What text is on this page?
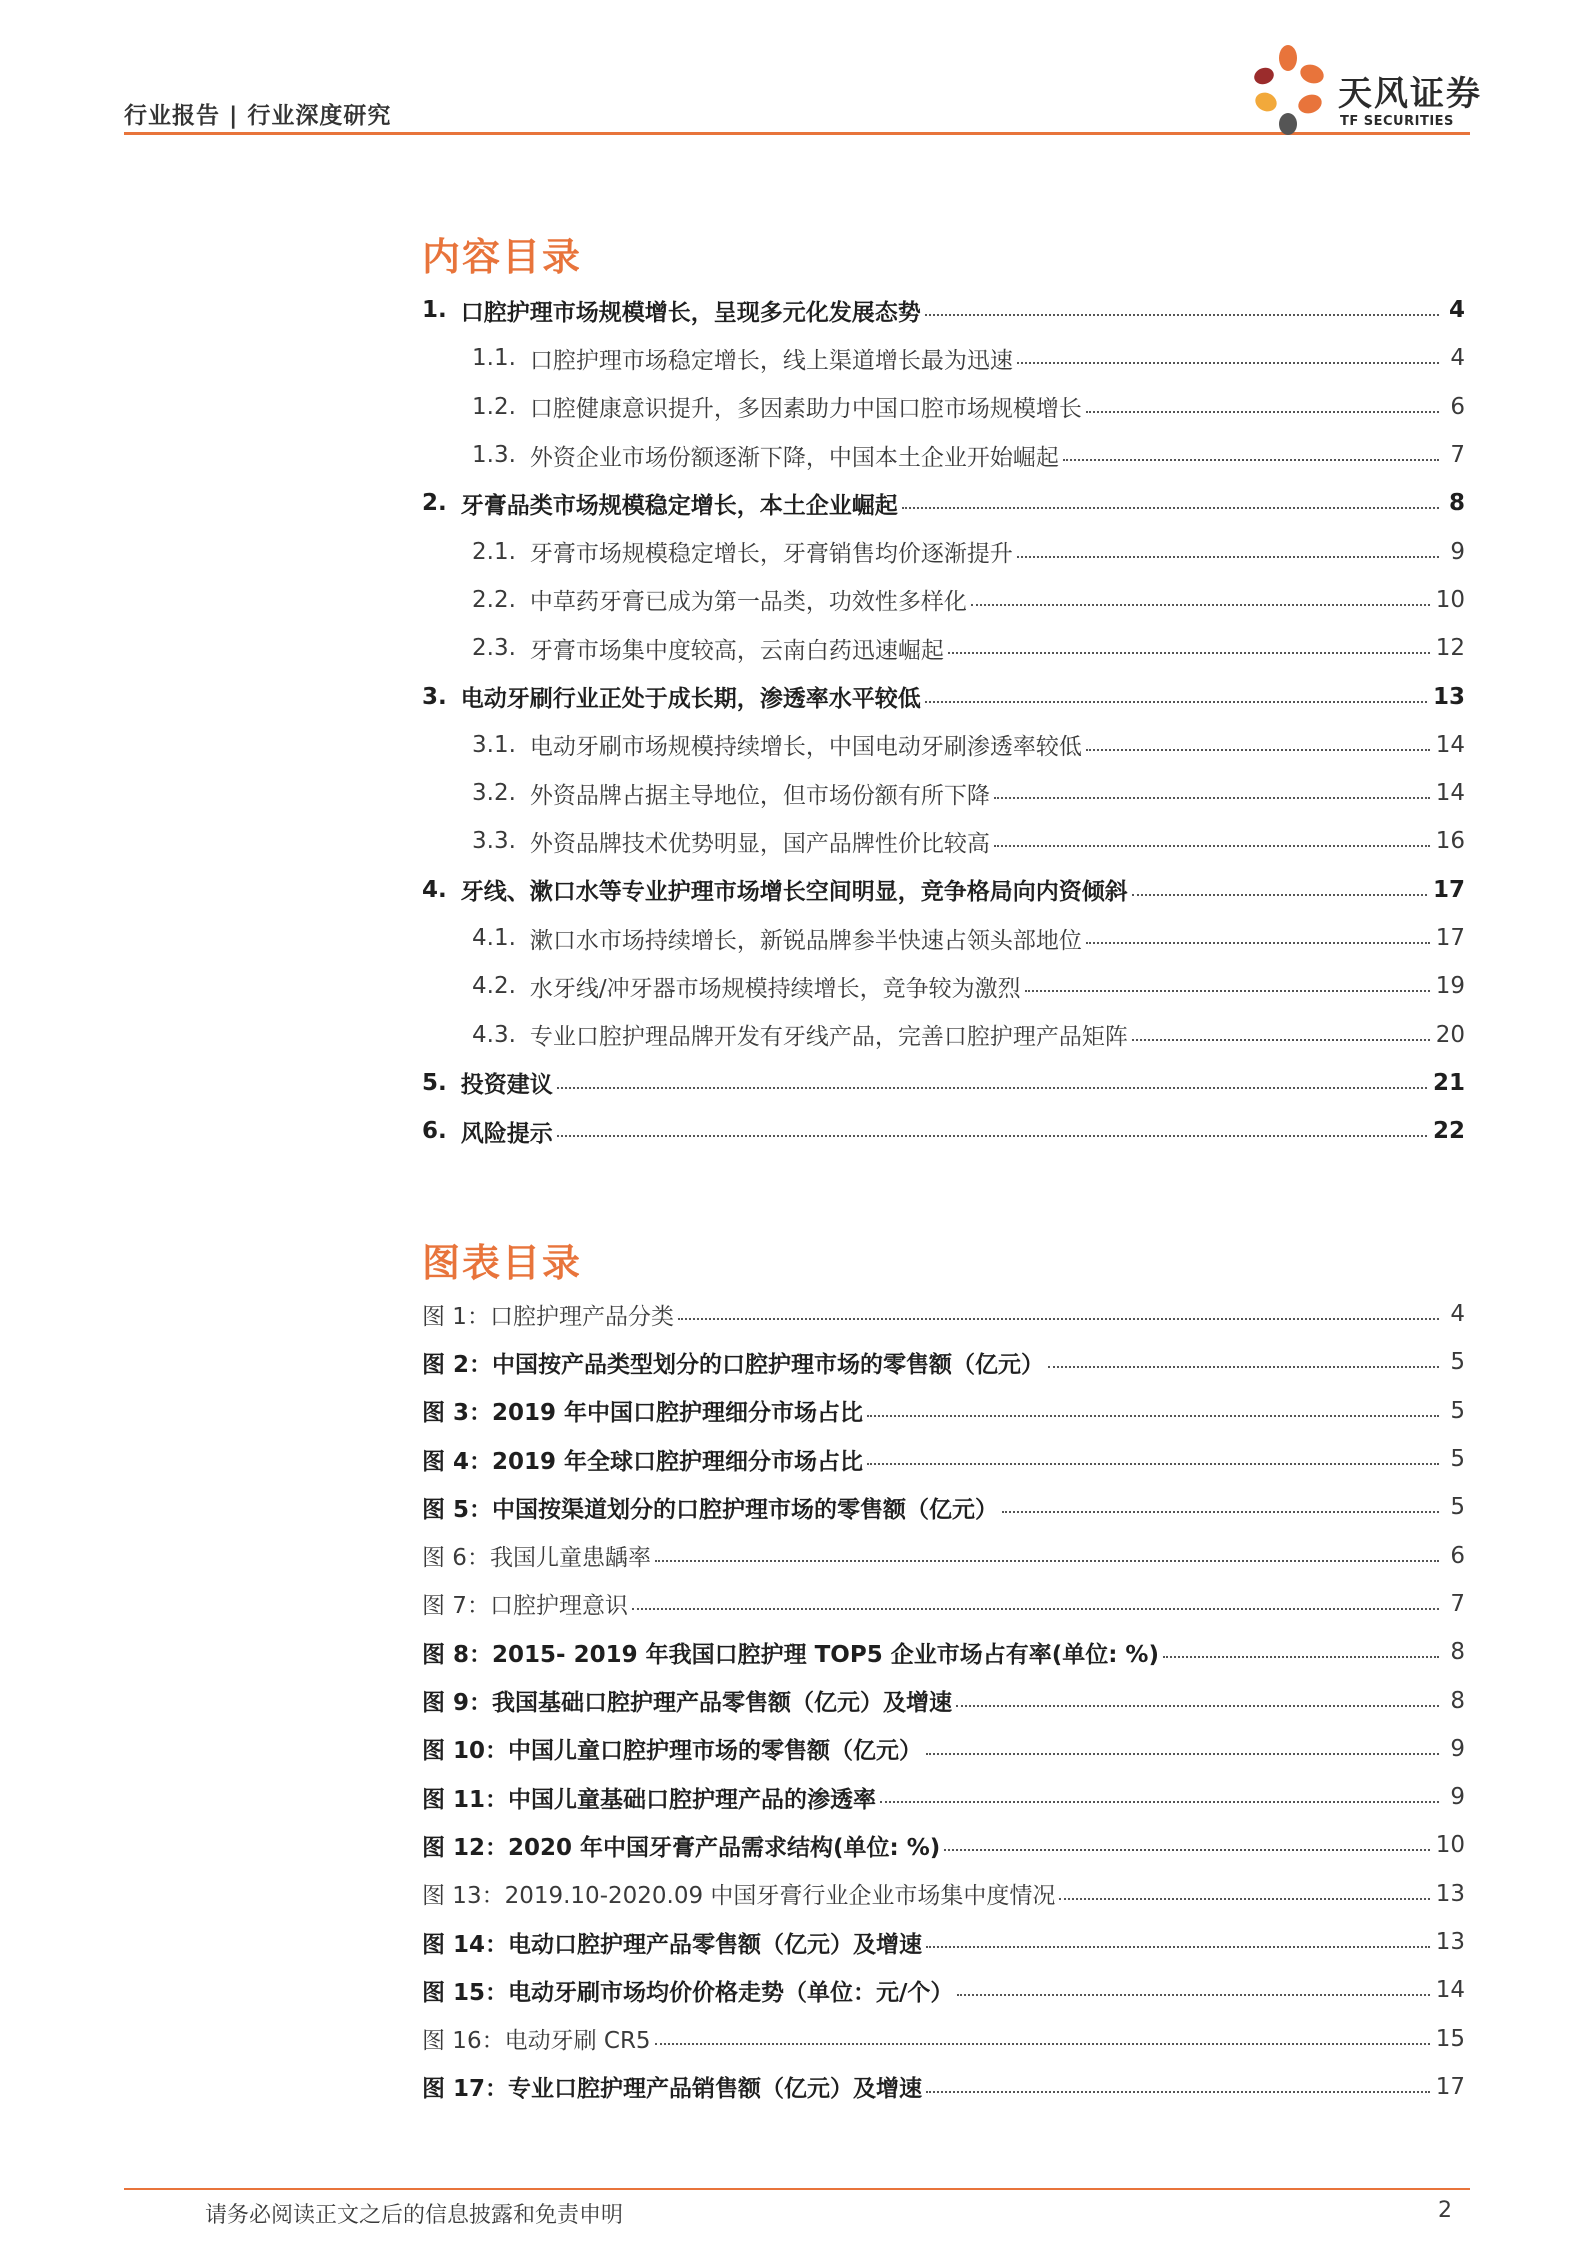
行业报告 | 行业深度研究
天风证券
TF SECURITIES
内容目录
1. 口腔护理市场规模增长，呈现多元化发展态势	4
1.1. 口腔护理市场稳定增长，线上渠道增长最为迅速	4
1.2. 口腔健康意识提升，多因素助力中国口腔市场规模增长	6
1.3. 外资企业市场份额逐渐下降，中国本土企业开始崛起	7
2. 牙膏品类市场规模稳定增长，本土企业崛起	8
2.1. 牙膏市场规模稳定增长，牙膏销售均价逐渐提升	9
2.2. 中草药牙膏已成为第一品类，功效性多样化	10
2.3. 牙膏市场集中度较高，云南白药迅速崛起	12
3. 电动牙刷行业正处于成长期，渗透率水平较低	13
3.1. 电动牙刷市场规模持续增长，中国电动牙刷渗透率较低	14
3.2. 外资品牌占据主导地位，但市场份额有所下降	14
3.3. 外资品牌技术优势明显，国产品牌性价比较高	16
4. 牙线、漱口水等专业护理市场增长空间明显，竞争格局向内资倾斜	17
4.1. 漱口水市场持续增长，新锐品牌参半快速占领头部地位	17
4.2. 水牙线/冲牙器市场规模持续增长，竞争较为激烈	19
4.3. 专业口腔护理品牌开发有牙线产品，完善口腔护理产品矩阵	20
5. 投资建议	21
6. 风险提示	22
图表目录
图 1：口腔护理产品分类	4
图 2：中国按产品类型划分的口腔护理市场的零售额（亿元）	5
图 3：2019 年中国口腔护理细分市场占比	5
图 4：2019 年全球口腔护理细分市场占比	5
图 5：中国按渠道划分的口腔护理市场的零售额（亿元）	5
图 6：我国儿童患龋率	6
图 7：口腔护理意识	7
图 8：2015- 2019 年我国口腔护理 TOP5 企业市场占有率(单位: %)	8
图 9：我国基础口腔护理产品零售额（亿元）及增速	8
图 10：中国儿童口腔护理市场的零售额（亿元）	9
图 11：中国儿童基础口腔护理产品的渗透率	9
图 12：2020 年中国牙膏产品需求结构(单位: %)	10
图 13：2019.10-2020.09 中国牙膏行业企业市场集中度情况	13
图 14：电动口腔护理产品零售额（亿元）及增速	13
图 15：电动牙刷市场均价价格走势（单位：元/个）	14
图 16：电动牙刷 CR5	15
图 17：专业口腔护理产品销售额（亿元）及增速	17
请务必阅读正文之后的信息披露和免责申明	2
